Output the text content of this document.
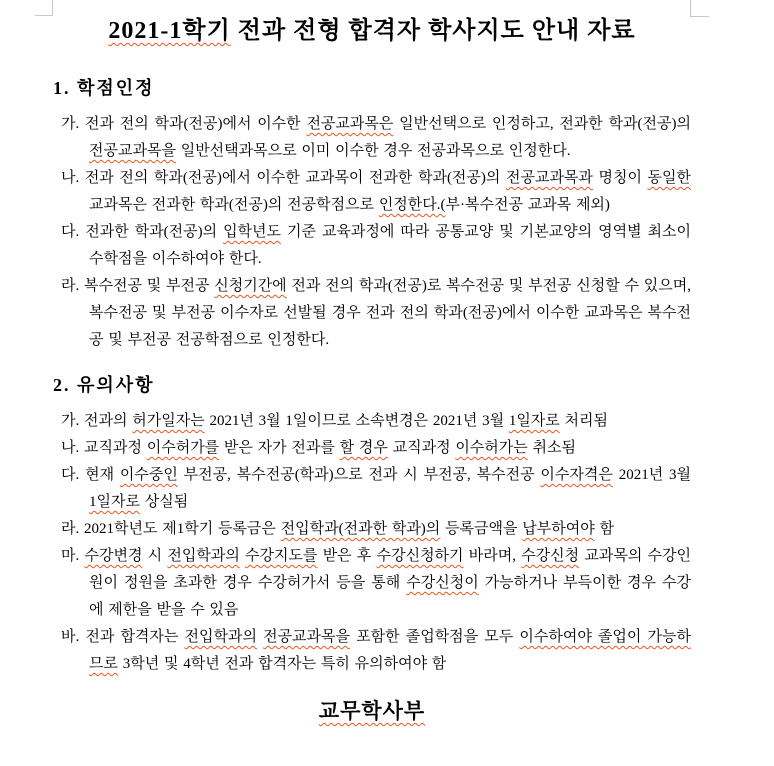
2021-1학기 전과 전형 합격자 학사지도 안내 자료
1. 학점인정
가. 전과 전의 학과(전공)에서 이수한 전공교과목은 일반선택으로 인정하고, 전과한 학과(전공)의 전공교과목을 일반선택과목으로 이미 이수한 경우 전공과목으로 인정한다.
나. 전과 전의 학과(전공)에서 이수한 교과목이 전과한 학과(전공)의 전공교과목과 명칭이 동일한 교과목은 전과한 학과(전공)의 전공학점으로 인정한다.(부·복수전공 교과목 제외)
다. 전과한 학과(전공)의 입학년도 기준 교육과정에 따라 공통교양 및 기본교양의 영역별 최소이수학점을 이수하여야 한다.
라. 복수전공 및 부전공 신청기간에 전과 전의 학과(전공)로 복수전공 및 부전공 신청할 수 있으며, 복수전공 및 부전공 이수자로 선발될 경우 전과 전의 학과(전공)에서 이수한 교과목은 복수전공 및 부전공 전공학점으로 인정한다.
2. 유의사항
가. 전과의 허가일자는 2021년 3월 1일이므로 소속변경은 2021년 3월 1일자로 처리됨
나. 교직과정 이수허가를 받은 자가 전과를 할 경우 교직과정 이수허가는 취소됨
다. 현재 이수중인 부전공, 복수전공(학과)으로 전과 시 부전공, 복수전공 이수자격은 2021년 3월 1일자로 상실됨
라. 2021학년도 제1학기 등록금은 전입학과(전과한 학과)의 등록금액을 납부하여야 함
마. 수강변경 시 전입학과의 수강지도를 받은 후 수강신청하기 바라며, 수강신청 교과목의 수강인원이 정원을 초과한 경우 수강허가서 등을 통해 수강신청이 가능하거나 부득이한 경우 수강에 제한을 받을 수 있음
바. 전과 합격자는 전입학과의 전공교과목을 포함한 졸업학점을 모두 이수하여야 졸업이 가능하므로 3학년 및 4학년 전과 합격자는 특히 유의하여야 함
교무학사부
